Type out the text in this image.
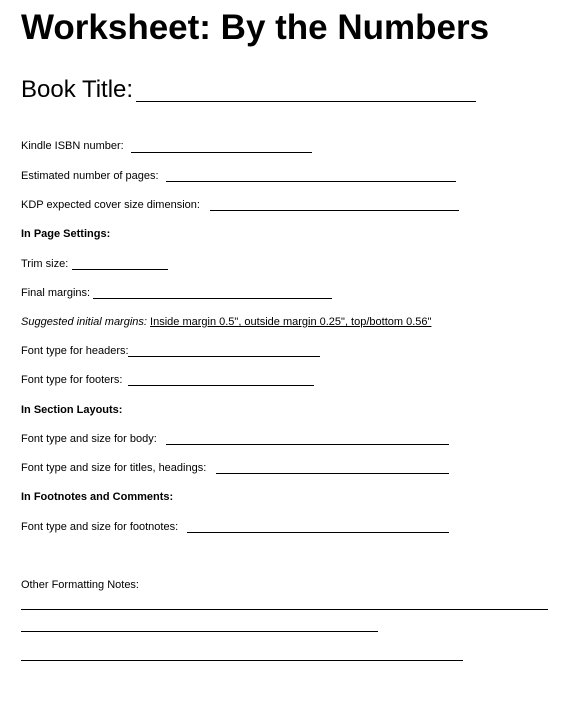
Worksheet: By the Numbers
Book Title:
Kindle ISBN number:
Estimated number of pages:
KDP expected cover size dimension:
In Page Settings:
Trim size:
Final margins:
Suggested initial margins: Inside margin 0.5", outside margin 0.25", top/bottom 0.56"
Font type for headers:
Font type for footers:
In Section Layouts:
Font type and size for body:
Font type and size for titles, headings:
In Footnotes and Comments:
Font type and size for footnotes:
Other Formatting Notes:
